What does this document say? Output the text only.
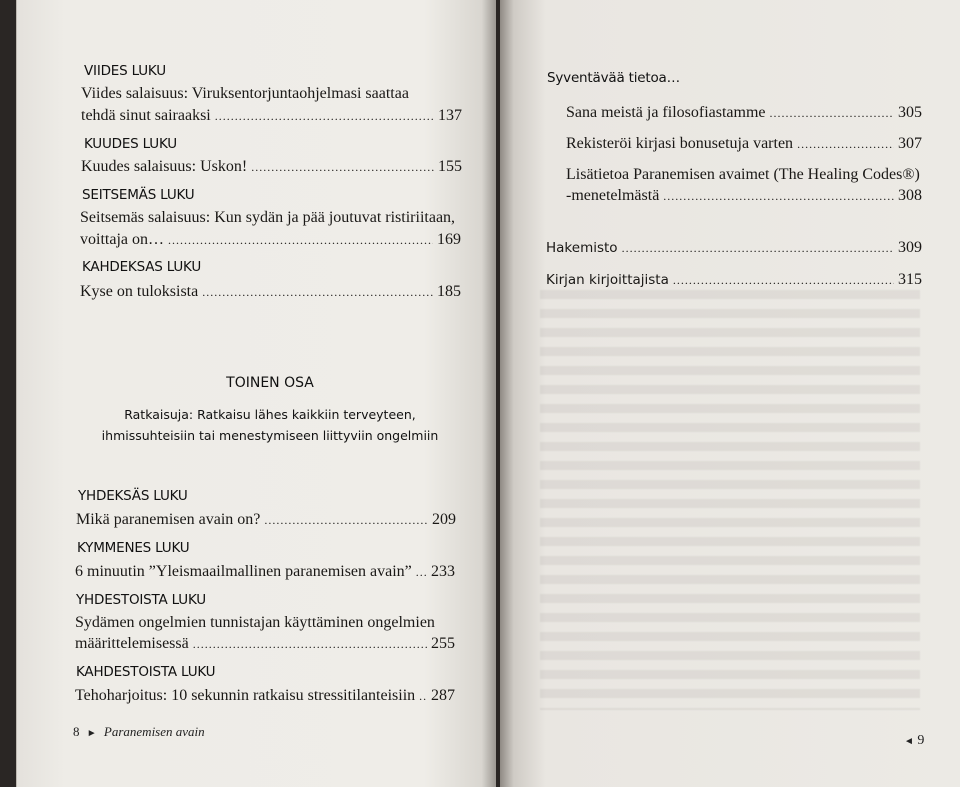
VIIDES LUKU
Viides salaisuus: Viruksentorjuntaohjelmasi saattaa
tehdä sinut sairaaksi .....	137
KUUDES LUKU
Kuudes salaisuus: Uskon! .....	155
SEITSEMÄS LUKU
Seitsemäs salaisuus: Kun sydän ja pää joutuvat ristiriitaan,
voittaja on… .....	169
KAHDEKSAS LUKU
Kyse on tuloksista .....	185
TOINEN OSA
Ratkaisuja: Ratkaisu lähes kaikkiin terveyteen,
ihmissuhteisiin tai menestymiseen liittyviin ongelmiin
YHDEKSÄS LUKU
Mikä paranemisen avain on? .....	209
KYMMENES LUKU
6 minuutin ”Yleismaailmallinen paranemisen avain” ..... 233
YHDESTOISTA LUKU
Sydämen ongelmien tunnistajan käyttäminen ongelmien
määrittelemisessä .....	255
KAHDESTOISTA LUKU
Tehoharjoitus: 10 sekunnin ratkaisu stressitilanteisiin ..... 287
8 ► Paranemisen avain
Syventävää tietoa…
Sana meistä ja filosofiastamme .....	305
Rekisteröi kirjasi bonusetuja varten .....	307
Lisätietoa Paranemisen avaimet (The Healing Codes®)
-menetelmästä .....	308
Hakemisto .....	309
Kirjan kirjoittajista .....	315
◄ 9
